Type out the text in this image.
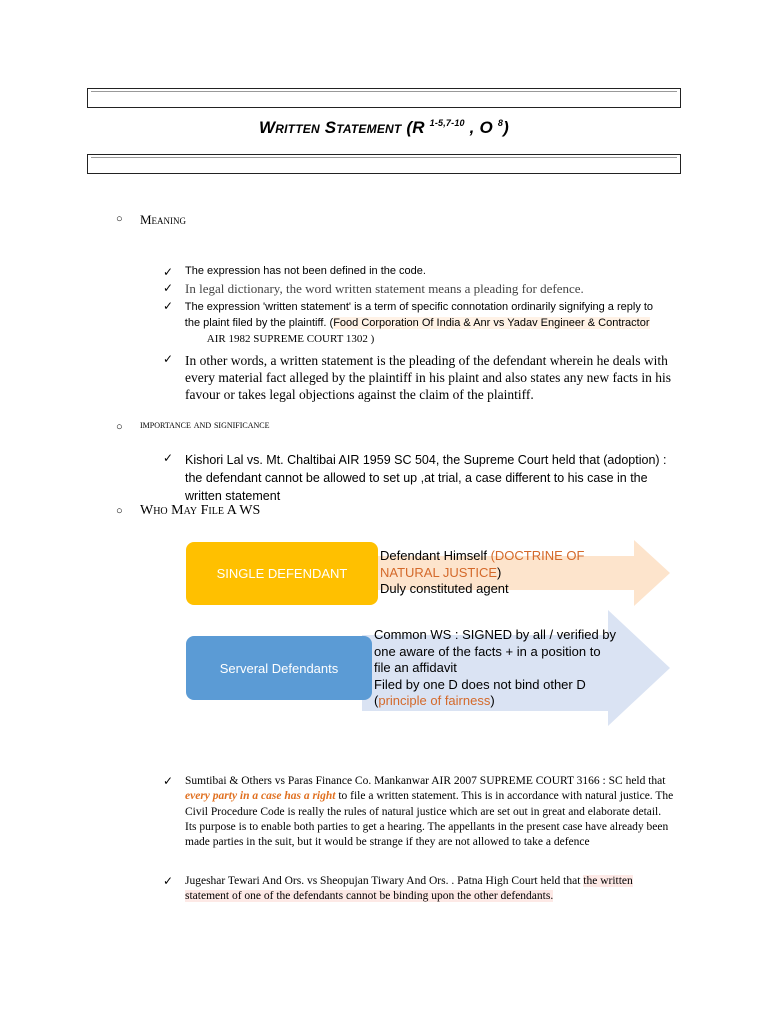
Written Statement (R $^{1-5,7-10}$ , O $^8$)
○ Meaning
✓	The expression has not been defined in the code.
✓ In legal dictionary, the word written statement means a pleading for defence.
✓	The expression 'written statement' is a term of specific connotation ordinarily signifying a reply to the plaint filed by the plaintiff. (Food Corporation Of India & Anr vs Yadav Engineer & Contractor AIR 1982 SUPREME COURT 1302 )
✓ In other words, a written statement is the pleading of the defendant wherein he deals with every material fact alleged by the plaintiff in his plaint and also states any new facts in his favour or takes legal objections against the claim of the plaintiff.
○ importance and significance
✓ Kishori Lal vs. Mt. Chaltibai AIR 1959 SC 504, the Supreme Court held that (adoption) : the defendant cannot be allowed to set up ,at trial, a case different to his case in the written statement
○ Who May File A WS
SINGLE DEFENDANT
Defendant Himself (DOCTRINE OF NATURAL JUSTICE)
Duly constituted agent
Serveral Defendants
Common WS : SIGNED by all / verified by one aware of the facts + in a position to file an affidavit
Filed by one D does not bind other D
(principle of fairness)
✓	Sumtibai & Others vs Paras Finance Co. Mankanwar AIR 2007 SUPREME COURT 3166 : SC held that every party in a case has a right to file a written statement. This is in accordance with natural justice. The Civil Procedure Code is really the rules of natural justice which are set out in great and elaborate detail. Its purpose is to enable both parties to get a hearing. The appellants in the present case have already been made parties in the suit, but it would be strange if they are not allowed to take a defence
✓	Jugeshar Tewari And Ors. vs Sheopujan Tiwary And Ors. . Patna High Court held that the written statement of one of the defendants cannot be binding upon the other defendants.
